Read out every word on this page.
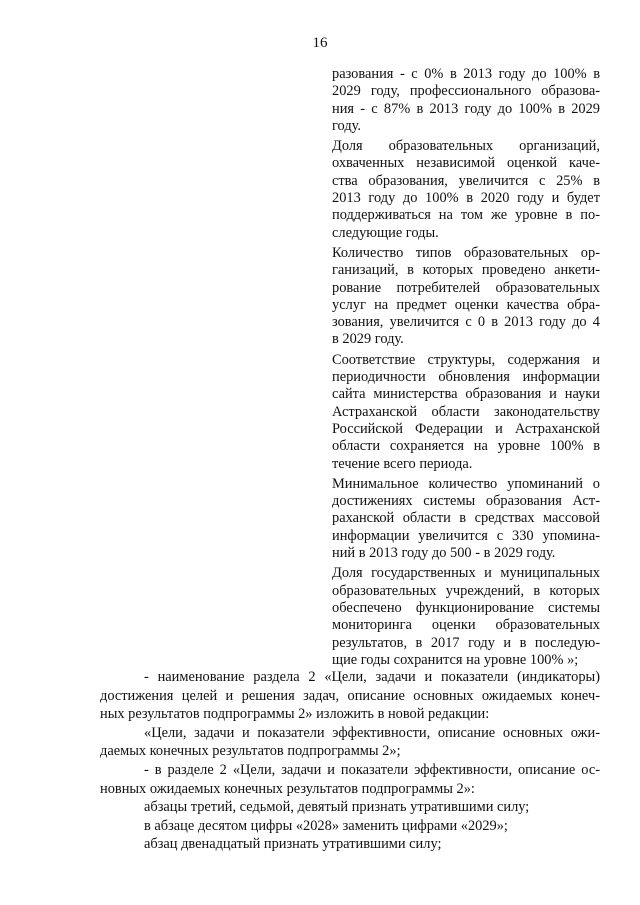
16

разования - с 0% в 2013 году до 100% в
2029 году, профессионального образова-
ния - с 87% в 2013 году до 100% в 2029
году.

Доля образовательных организаций,
охваченных независимой оценкой каче-
ства образования, увеличится с 25% в
2013 году до 100% в 2020 году и будет
поддерживаться на том же уровне в по-
следующие годы.

Количество типов образовательных ор-
ганизаций, в которых проведено анкети-
рование потребителей образовательных
услуг на предмет оценки качества обра-
зования, увеличится с 0 в 2013 году до 4
в 2029 году.

Соответствие структуры, содержания и
периодичности обновления информации
сайта министерства образования и науки
Астраханской области законодательству
Российской Федерации и Астраханской
области сохраняется на уровне 100% в
течение всего периода.

Минимальное количество упоминаний о
достижениях системы образования Аст-
раханской области в средствах массовой
информации увеличится с 330 упомина-
ний в 2013 году до 500 - в 2029 году.

Доля государственных и муниципальных
образовательных учреждений, в которых
обеспечено функционирование системы
мониторинга оценки образовательных
результатов, в 2017 году и в последую-
щие годы сохранится на уровне 100% »;

- наименование раздела 2 «Цели, задачи и показатели (индикаторы)
достижения целей и решения задач, описание основных ожидаемых конеч-
ных результатов подпрограммы 2» изложить в новой редакции:
«Цели, задачи и показатели эффективности, описание основных ожи-
даемых конечных результатов подпрограммы 2»;
- в разделе 2 «Цели, задачи и показатели эффективности, описание ос-
новных ожидаемых конечных результатов подпрограммы 2»:
абзацы третий, седьмой, девятый признать утратившими силу;
в абзаце десятом цифры «2028» заменить цифрами «2029»;
абзац двенадцатый признать утратившими силу;
